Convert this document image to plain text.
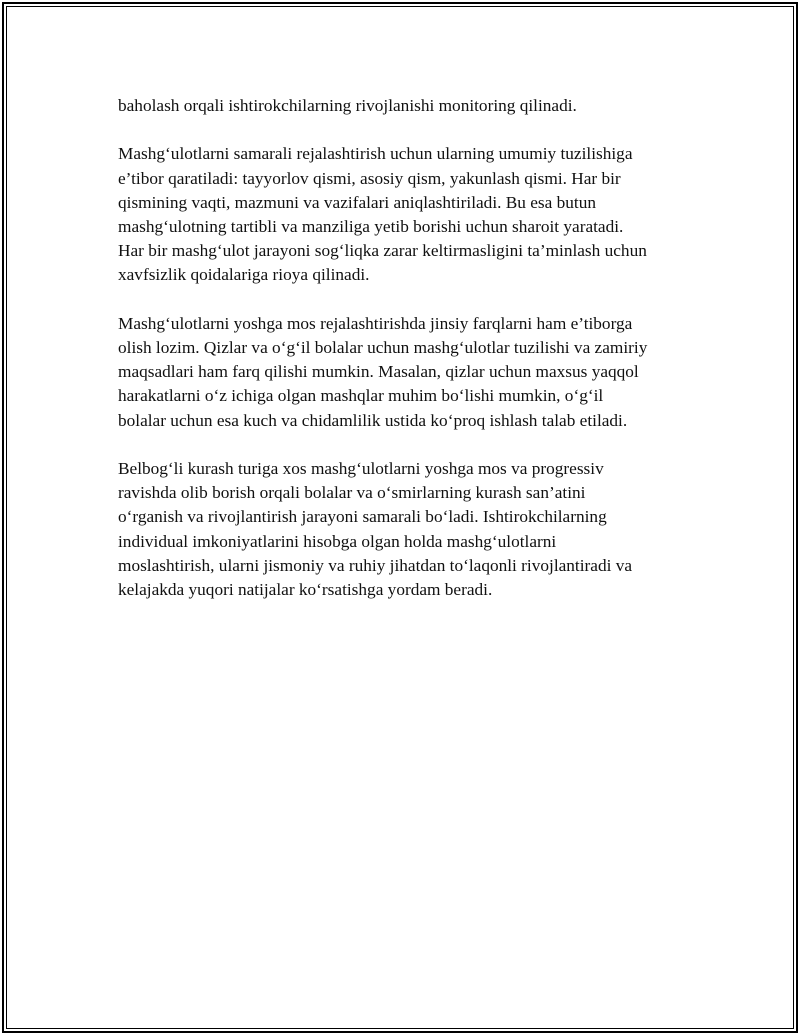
baholash orqali ishtirokchilarning rivojlanishi monitoring qilinadi.

Mashg‘ulotlarni samarali rejalashtirish uchun ularning umumiy tuzilishiga
e’tibor qaratiladi: tayyorlov qismi, asosiy qism, yakunlash qismi. Har bir
qismining vaqti, mazmuni va vazifalari aniqlashtiriladi. Bu esa butun
mashg‘ulotning tartibli va manziliga yetib borishi uchun sharoit yaratadi.
Har bir mashg‘ulot jarayoni sog‘liqka zarar keltirmasligini ta’minlash uchun
xavfsizlik qoidalariga rioya qilinadi.

Mashg‘ulotlarni yoshga mos rejalashtirishda jinsiy farqlarni ham e’tiborga
olish lozim. Qizlar va o‘g‘il bolalar uchun mashg‘ulotlar tuzilishi va zamiriy
maqsadlari ham farq qilishi mumkin. Masalan, qizlar uchun maxsus yaqqol
harakatlarni o‘z ichiga olgan mashqlar muhim bo‘lishi mumkin, o‘g‘il
bolalar uchun esa kuch va chidamlilik ustida ko‘proq ishlash talab etiladi.

Belbog‘li kurash turiga xos mashg‘ulotlarni yoshga mos va progressiv
ravishda olib borish orqali bolalar va o‘smirlarning kurash san’atini
o‘rganish va rivojlantirish jarayoni samarali bo‘ladi. Ishtirokchilarning
individual imkoniyatlarini hisobga olgan holda mashg‘ulotlarni
moslashtirish, ularni jismoniy va ruhiy jihatdan to‘laqonli rivojlantiradi va
kelajakda yuqori natijalar ko‘rsatishga yordam beradi.
